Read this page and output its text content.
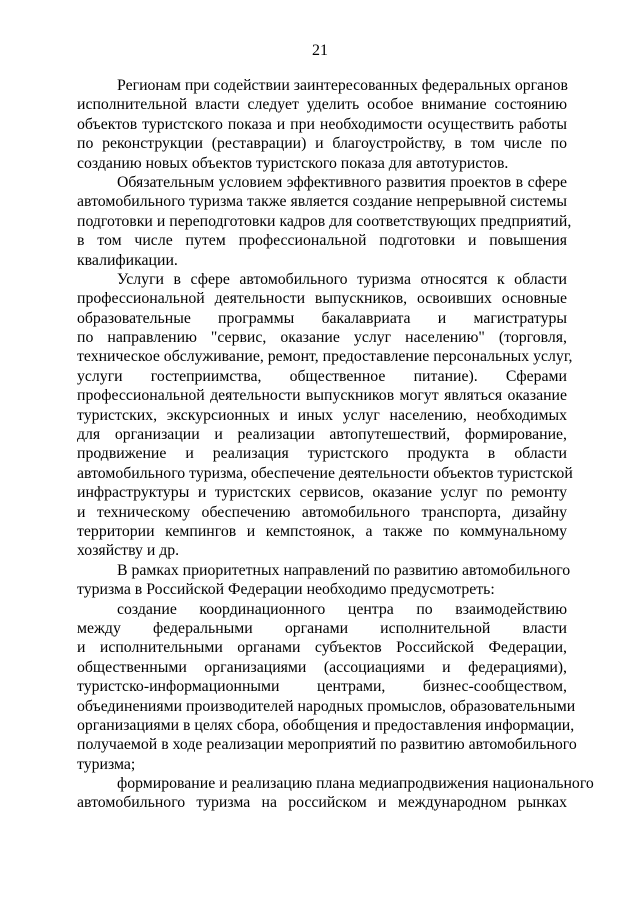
21
Регионам при содействии заинтересованных федеральных органов
исполнительной власти следует уделить особое внимание состоянию
объектов туристского показа и при необходимости осуществить работы
по реконструкции (реставрации) и благоустройству, в том числе по
созданию новых объектов туристского показа для автотуристов.
Обязательным условием эффективного развития проектов в сфере
автомобильного туризма также является создание непрерывной системы
подготовки и переподготовки кадров для соответствующих предприятий,
в том числе путем профессиональной подготовки и повышения
квалификации.
Услуги в сфере автомобильного туризма относятся к области
профессиональной деятельности выпускников, освоивших основные
образовательные программы бакалавриата и магистратуры
по направлению "сервис, оказание услуг населению" (торговля,
техническое обслуживание, ремонт, предоставление персональных услуг,
услуги гостеприимства, общественное питание). Сферами
профессиональной деятельности выпускников могут являться оказание
туристских, экскурсионных и иных услуг населению, необходимых
для организации и реализации автопутешествий, формирование,
продвижение и реализация туристского продукта в области
автомобильного туризма, обеспечение деятельности объектов туристской
инфраструктуры и туристских сервисов, оказание услуг по ремонту
и техническому обеспечению автомобильного транспорта, дизайну
территории кемпингов и кемпстоянок, а также по коммунальному
хозяйству и др.
В рамках приоритетных направлений по развитию автомобильного
туризма в Российской Федерации необходимо предусмотреть:
создание координационного центра по взаимодействию
между федеральными органами исполнительной власти
и исполнительными органами субъектов Российской Федерации,
общественными организациями (ассоциациями и федерациями),
туристско-информационными центрами, бизнес-сообществом,
объединениями производителей народных промыслов, образовательными
организациями в целях сбора, обобщения и предоставления информации,
получаемой в ходе реализации мероприятий по развитию автомобильного
туризма;
формирование и реализацию плана медиапродвижения национального
автомобильного туризма на российском и международном рынках
